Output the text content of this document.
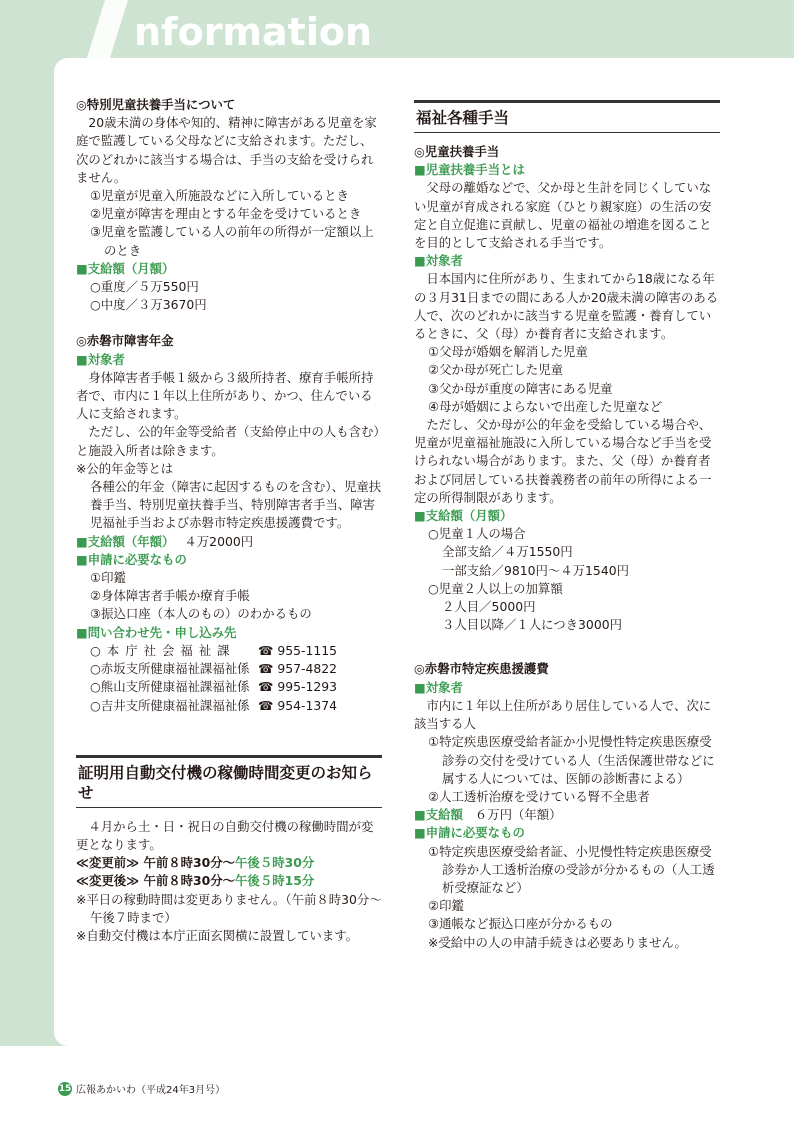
nformation

◎特別児童扶養手当について

20歳未満の身体や知的、精神に障害がある児童を家庭で監護している父母などに支給されます。ただし、次のどれかに該当する場合は、手当の支給を受けられません。

①児童が児童入所施設などに入所しているとき

②児童が障害を理由とする年金を受けているとき

③児童を監護している人の前年の所得が一定額以上のとき

■支給額（月額）

○重度／５万550円

○中度／３万3670円

◎赤磐市障害年金

■対象者

身体障害者手帳１級から３級所持者、療育手帳所持者で、市内に１年以上住所があり、かつ、住んでいる人に支給されます。

ただし、公的年金等受給者（支給停止中の人も含む）と施設入所者は除きます。

※公的年金等とは

各種公的年金（障害に起因するものを含む）、児童扶養手当、特別児童扶養手当、特別障害者手当、障害児福祉手当および赤磐市特定疾患援護費です。

■支給額（年額） ４万2000円

■申請に必要なもの

①印鑑

②身体障害者手帳か療育手帳

③振込口座（本人のもの）のわかるもの

■問い合わせ先・申し込み先

○本庁社会福祉課	☎ 955-1115
○赤坂支所健康福祉課福祉係 ☎ 957-4822
○熊山支所健康福祉課福祉係 ☎ 995-1293
○吉井支所健康福祉課福祉係 ☎ 954-1374
証明用自動交付機の稼働時間変更のお知らせ

４月から土・日・祝日の自動交付機の稼働時間が変更となります。

≪変更前≫ 午前８時30分〜午後５時30分

≪変更後≫ 午前８時30分〜午後５時15分

※平日の稼動時間は変更ありません。（午前８時30分〜午後７時まで）

※自動交付機は本庁正面玄関横に設置しています。

福祉各種手当

◎児童扶養手当

■児童扶養手当とは

父母の離婚などで、父か母と生計を同じくしていない児童が育成される家庭（ひとり親家庭）の生活の安定と自立促進に貢献し、児童の福祉の増進を図ることを目的として支給される手当です。

■対象者

日本国内に住所があり、生まれてから18歳になる年の３月31日までの間にある人か20歳未満の障害のある人で、次のどれかに該当する児童を監護・養育しているときに、父（母）か養育者に支給されます。

①父母が婚姻を解消した児童

②父か母が死亡した児童

③父か母が重度の障害にある児童

④母が婚姻によらないで出産した児童など

ただし、父か母が公的年金を受給している場合や、児童が児童福祉施設に入所している場合など手当を受けられない場合があります。また、父（母）か養育者および同居している扶養義務者の前年の所得による一定の所得制限があります。

■支給額（月額）

○児童１人の場合

全部支給／４万1550円

一部支給／9810円〜４万1540円

○児童２人以上の加算額

２人目／5000円

３人目以降／１人につき3000円

◎赤磐市特定疾患援護費

■対象者

市内に１年以上住所があり居住している人で、次に該当する人

①特定疾患医療受給者証か小児慢性特定疾患医療受診券の交付を受けている人（生活保護世帯などに属する人については、医師の診断書による）

②人工透析治療を受けている腎不全患者

■支給額 ６万円（年額）

■申請に必要なもの

①特定疾患医療受給者証、小児慢性特定疾患医療受診券か人工透析治療の受診が分かるもの（人工透析受療証など）

②印鑑

③通帳など振込口座が分かるもの

※受給中の人の申請手続きは必要ありません。

15 広報あかいわ（平成24年3月号）
